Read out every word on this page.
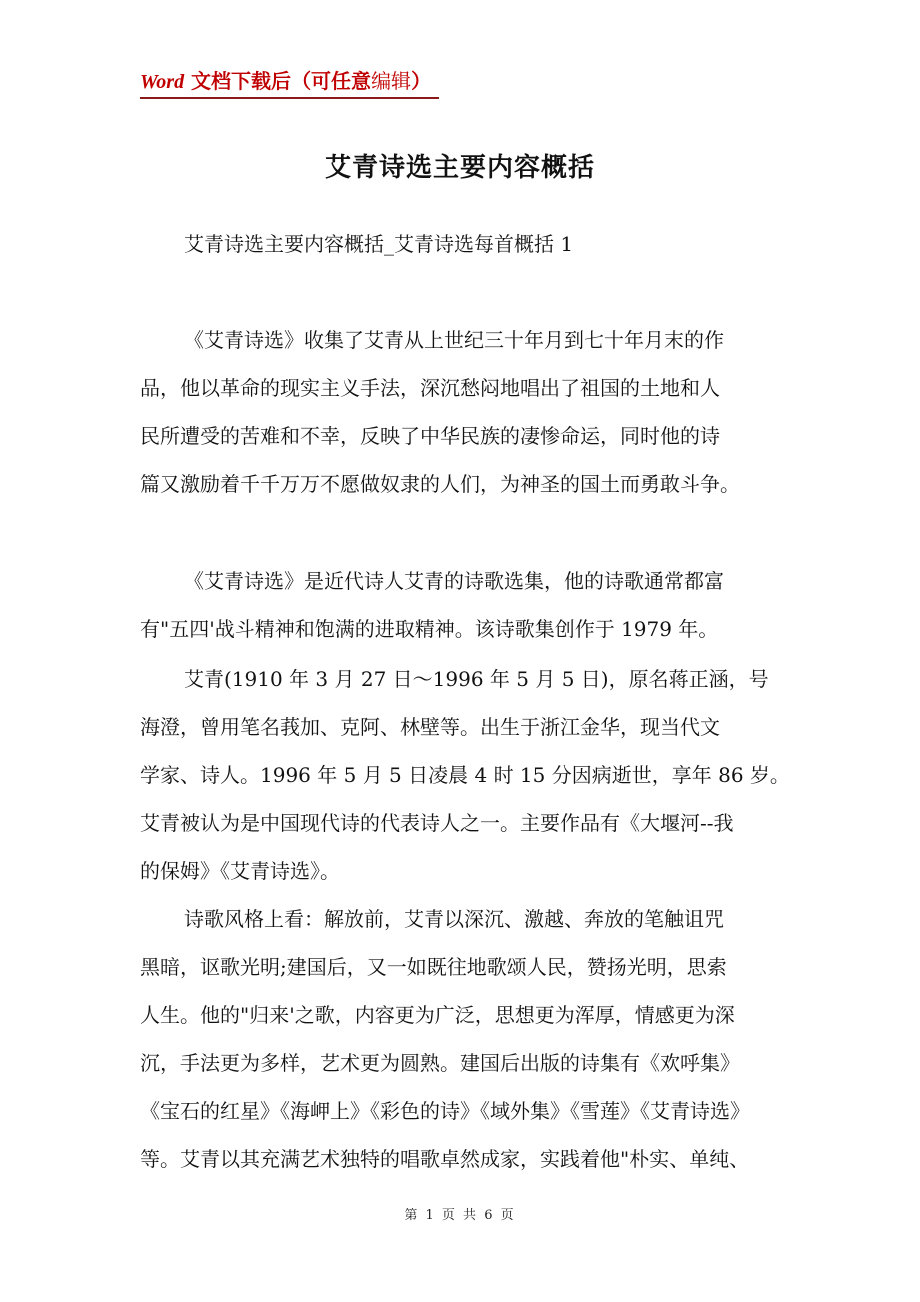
Word 文档下载后（可任意编辑）
艾青诗选主要内容概括
艾青诗选主要内容概括_艾青诗选每首概括 1
《艾青诗选》收集了艾青从上世纪三十年月到七十年月末的作
品，他以革命的现实主义手法，深沉愁闷地唱出了祖国的土地和人
民所遭受的苦难和不幸，反映了中华民族的凄惨命运，同时他的诗
篇又激励着千千万万不愿做奴隶的人们，为神圣的国土而勇敢斗争。
《艾青诗选》是近代诗人艾青的诗歌选集，他的诗歌通常都富
有"五四'战斗精神和饱满的进取精神。该诗歌集创作于 1979 年。
艾青(1910 年 3 月 27 日～1996 年 5 月 5 日)，原名蒋正涵，号
海澄，曾用笔名莪加、克阿、林壁等。出生于浙江金华，现当代文
学家、诗人。1996 年 5 月 5 日凌晨 4 时 15 分因病逝世，享年 86 岁。
艾青被认为是中国现代诗的代表诗人之一。主要作品有《大堰河--我
的保姆》《艾青诗选》。
诗歌风格上看：解放前，艾青以深沉、激越、奔放的笔触诅咒
黑暗，讴歌光明;建国后，又一如既往地歌颂人民，赞扬光明，思索
人生。他的"归来'之歌，内容更为广泛，思想更为浑厚，情感更为深
沉，手法更为多样，艺术更为圆熟。建国后出版的诗集有《欢呼集》
《宝石的红星》《海岬上》《彩色的诗》《域外集》《雪莲》《艾青诗选》
等。艾青以其充满艺术独特的唱歌卓然成家，实践着他"朴实、单纯、
第 1 页 共 6 页
